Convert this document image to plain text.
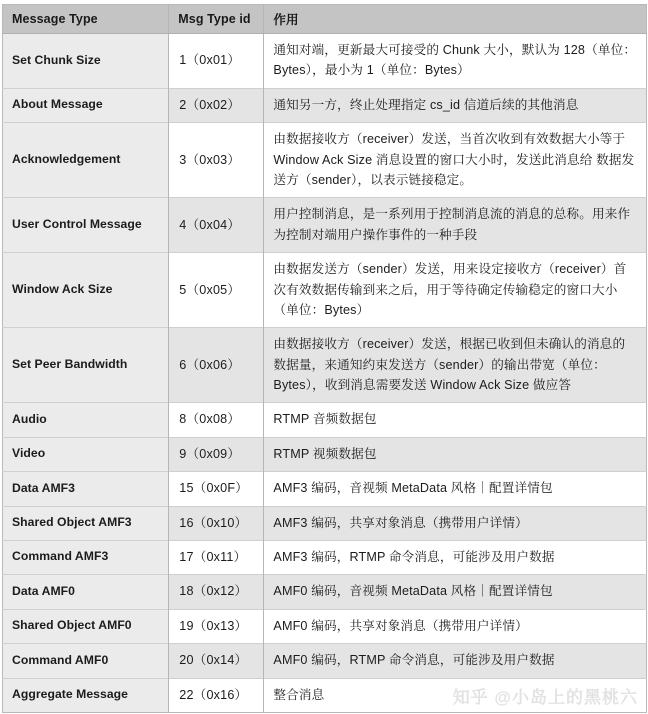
Message Type	Msg Type id	作用
Set Chunk Size	1（0x01）	通知对端，更新最大可接受的 Chunk 大小，默认为 128（单位：Bytes），最小为 1（单位：Bytes）
About Message	2（0x02）	通知另一方，终止处理指定 cs_id 信道后续的其他消息
Acknowledgement	3（0x03）	由数据接收方（receiver）发送，当首次收到有效数据大小等于 Window Ack Size 消息设置的窗口大小时，发送此消息给 数据发送方（sender），以表示链接稳定。
User Control Message	4（0x04）	用户控制消息，是一系列用于控制消息流的消息的总称。用来作为控制对端用户操作事件的一种手段
Window Ack Size	5（0x05）	由数据发送方（sender）发送，用来设定接收方（receiver）首次有效数据传输到来之后，用于等待确定传输稳定的窗口大小（单位：Bytes）
Set Peer Bandwidth	6（0x06）	由数据接收方（receiver）发送，根据已收到但未确认的消息的数据量，来通知约束发送方（sender）的输出带宽（单位：Bytes），收到消息需要发送 Window Ack Size 做应答
Audio	8（0x08）	RTMP 音频数据包
Video	9（0x09）	RTMP 视频数据包
Data AMF3	15（0x0F）	AMF3 编码，音视频 MetaData 风格｜配置详情包
Shared Object AMF3	16（0x10）	AMF3 编码，共享对象消息（携带用户详情）
Command AMF3	17（0x11）	AMF3 编码，RTMP 命令消息，可能涉及用户数据
Data AMF0	18（0x12）	AMF0 编码，音视频 MetaData 风格｜配置详情包
Shared Object AMF0	19（0x13）	AMF0 编码，共享对象消息（携带用户详情）
Command AMF0	20（0x14）	AMF0 编码，RTMP 命令消息，可能涉及用户数据
Aggregate Message	22（0x16）	整合消息	知乎 @小岛上的黑桃六
